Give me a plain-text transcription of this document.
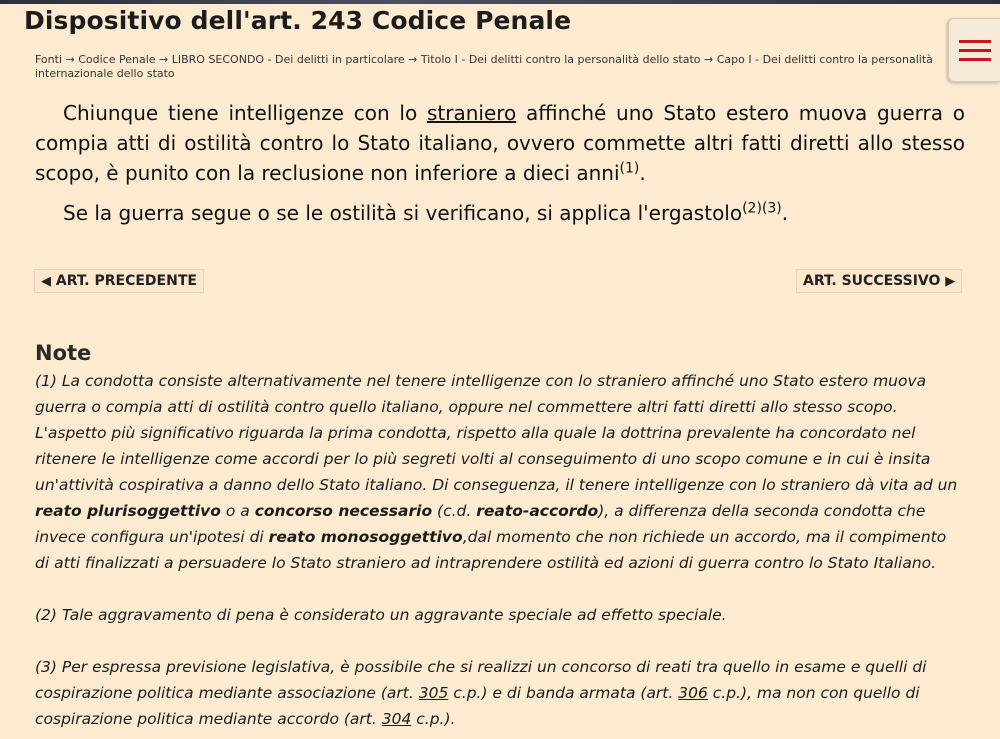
Dispositivo dell'art. 243 Codice Penale
Fonti → Codice Penale → LIBRO SECONDO - Dei delitti in particolare → Titolo I - Dei delitti contro la personalità dello stato → Capo I - Dei delitti contro la personalità internazionale dello stato

Chiunque tiene intelligenze con lo straniero affinché uno Stato estero muova guerra o compia atti di ostilità contro lo Stato italiano, ovvero commette altri fatti diretti allo stesso scopo, è punito con la reclusione non inferiore a dieci anni$^{(1)}$.

Se la guerra segue o se le ostilità si verificano, si applica l'ergastolo$^{(2)(3)}$.

◀
ART. PRECEDENTE	ART. SUCCESSIVO
▶
Note

(1) La condotta consiste alternativamente nel tenere intelligenze con lo straniero affinché uno Stato estero muova guerra o compia atti di ostilità contro quello italiano, oppure nel commettere altri fatti diretti allo stesso scopo. L'aspetto più significativo riguarda la prima condotta, rispetto alla quale la dottrina prevalente ha concordato nel ritenere le intelligenze come accordi per lo più segreti volti al conseguimento di uno scopo comune e in cui è insita un'attività cospirativa a danno dello Stato italiano. Di conseguenza, il tenere intelligenze con lo straniero dà vita ad un reato plurisoggettivo o a concorso necessario (c.d. reato-accordo), a differenza della seconda condotta che invece configura un'ipotesi di reato monosoggettivo,dal momento che non richiede un accordo, ma il compimento di atti finalizzati a persuadere lo Stato straniero ad intraprendere ostilità ed azioni di guerra contro lo Stato Italiano.

(2) Tale aggravamento di pena è considerato un aggravante speciale ad effetto speciale.

(3) Per espressa previsione legislativa, è possibile che si realizzi un concorso di reati tra quello in esame e quelli di cospirazione politica mediante associazione (art. 305 c.p.) e di banda armata (art. 306 c.p.), ma non con quello di cospirazione politica mediante accordo (art. 304 c.p.).
